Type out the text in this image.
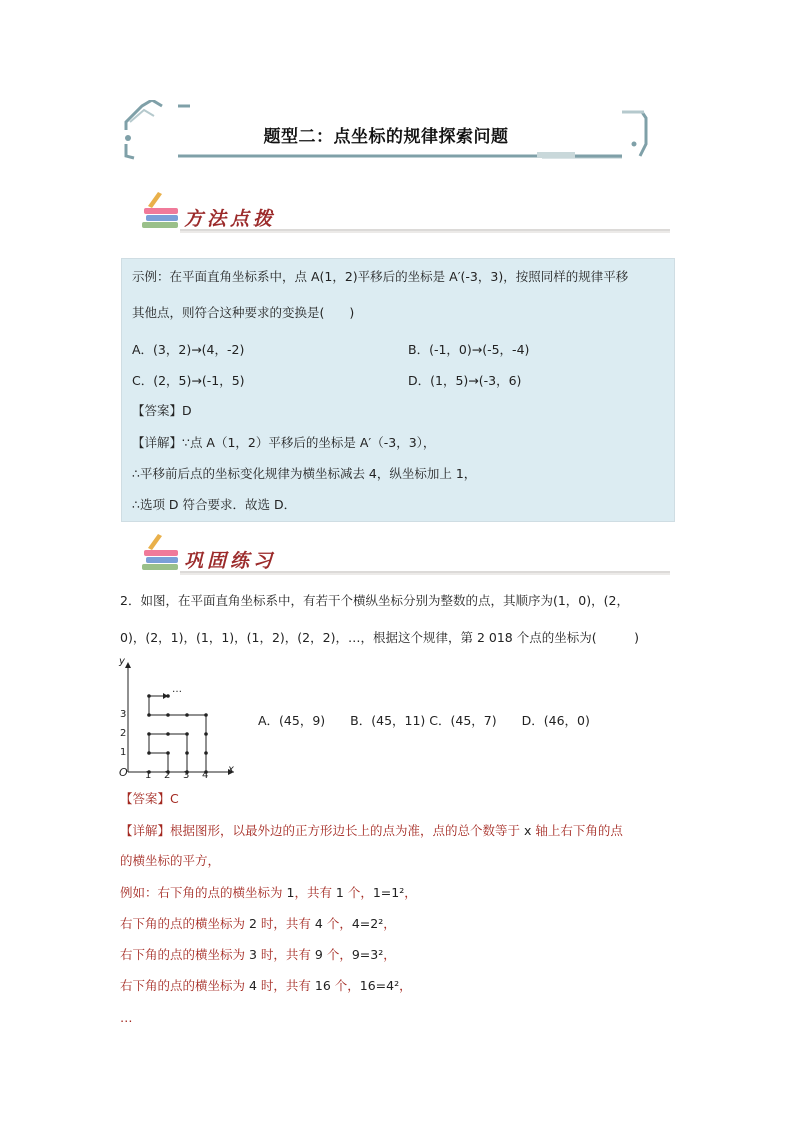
题型二：点坐标的规律探索问题
方法点拨
示例：在平面直角坐标系中，点 A(1，2)平移后的坐标是 A′(-3，3)，按照同样的规律平移
其他点，则符合这种要求的变换是(　　)
A．(3，2)→(4，-2)	B．(-1，0)→(-5，-4)
C．(2，5)→(-1，5)	D．(1，5)→(-3，6)
【答案】D
【详解】∵点 A（1，2）平移后的坐标是 A′（-3，3），
∴平移前后点的坐标变化规律为横坐标减去 4，纵坐标加上 1，
∴选项 D 符合要求．故选 D．
巩固练习
2．如图，在平面直角坐标系中，有若干个横纵坐标分别为整数的点，其顺序为(1，0)，(2，
0)，(2，1)，(1，1)，(1，2)，(2，2)，…，根据这个规律，第 2 018 个点的坐标为(　　　)
y
x
O 1 2 3 4
1
2
3
…
A．(45，9)　　B．(45，11) C．(45，7)　　D．(46，0)
【答案】C
【详解】根据图形，以最外边的正方形边长上的点为准，点的总个数等于 x 轴上右下角的点
的横坐标的平方，
例如：右下角的点的横坐标为 1，共有 1 个，1=1²，
右下角的点的横坐标为 2 时，共有 4 个，4=2²，
右下角的点的横坐标为 3 时，共有 9 个，9=3²，
右下角的点的横坐标为 4 时，共有 16 个，16=4²，
…
